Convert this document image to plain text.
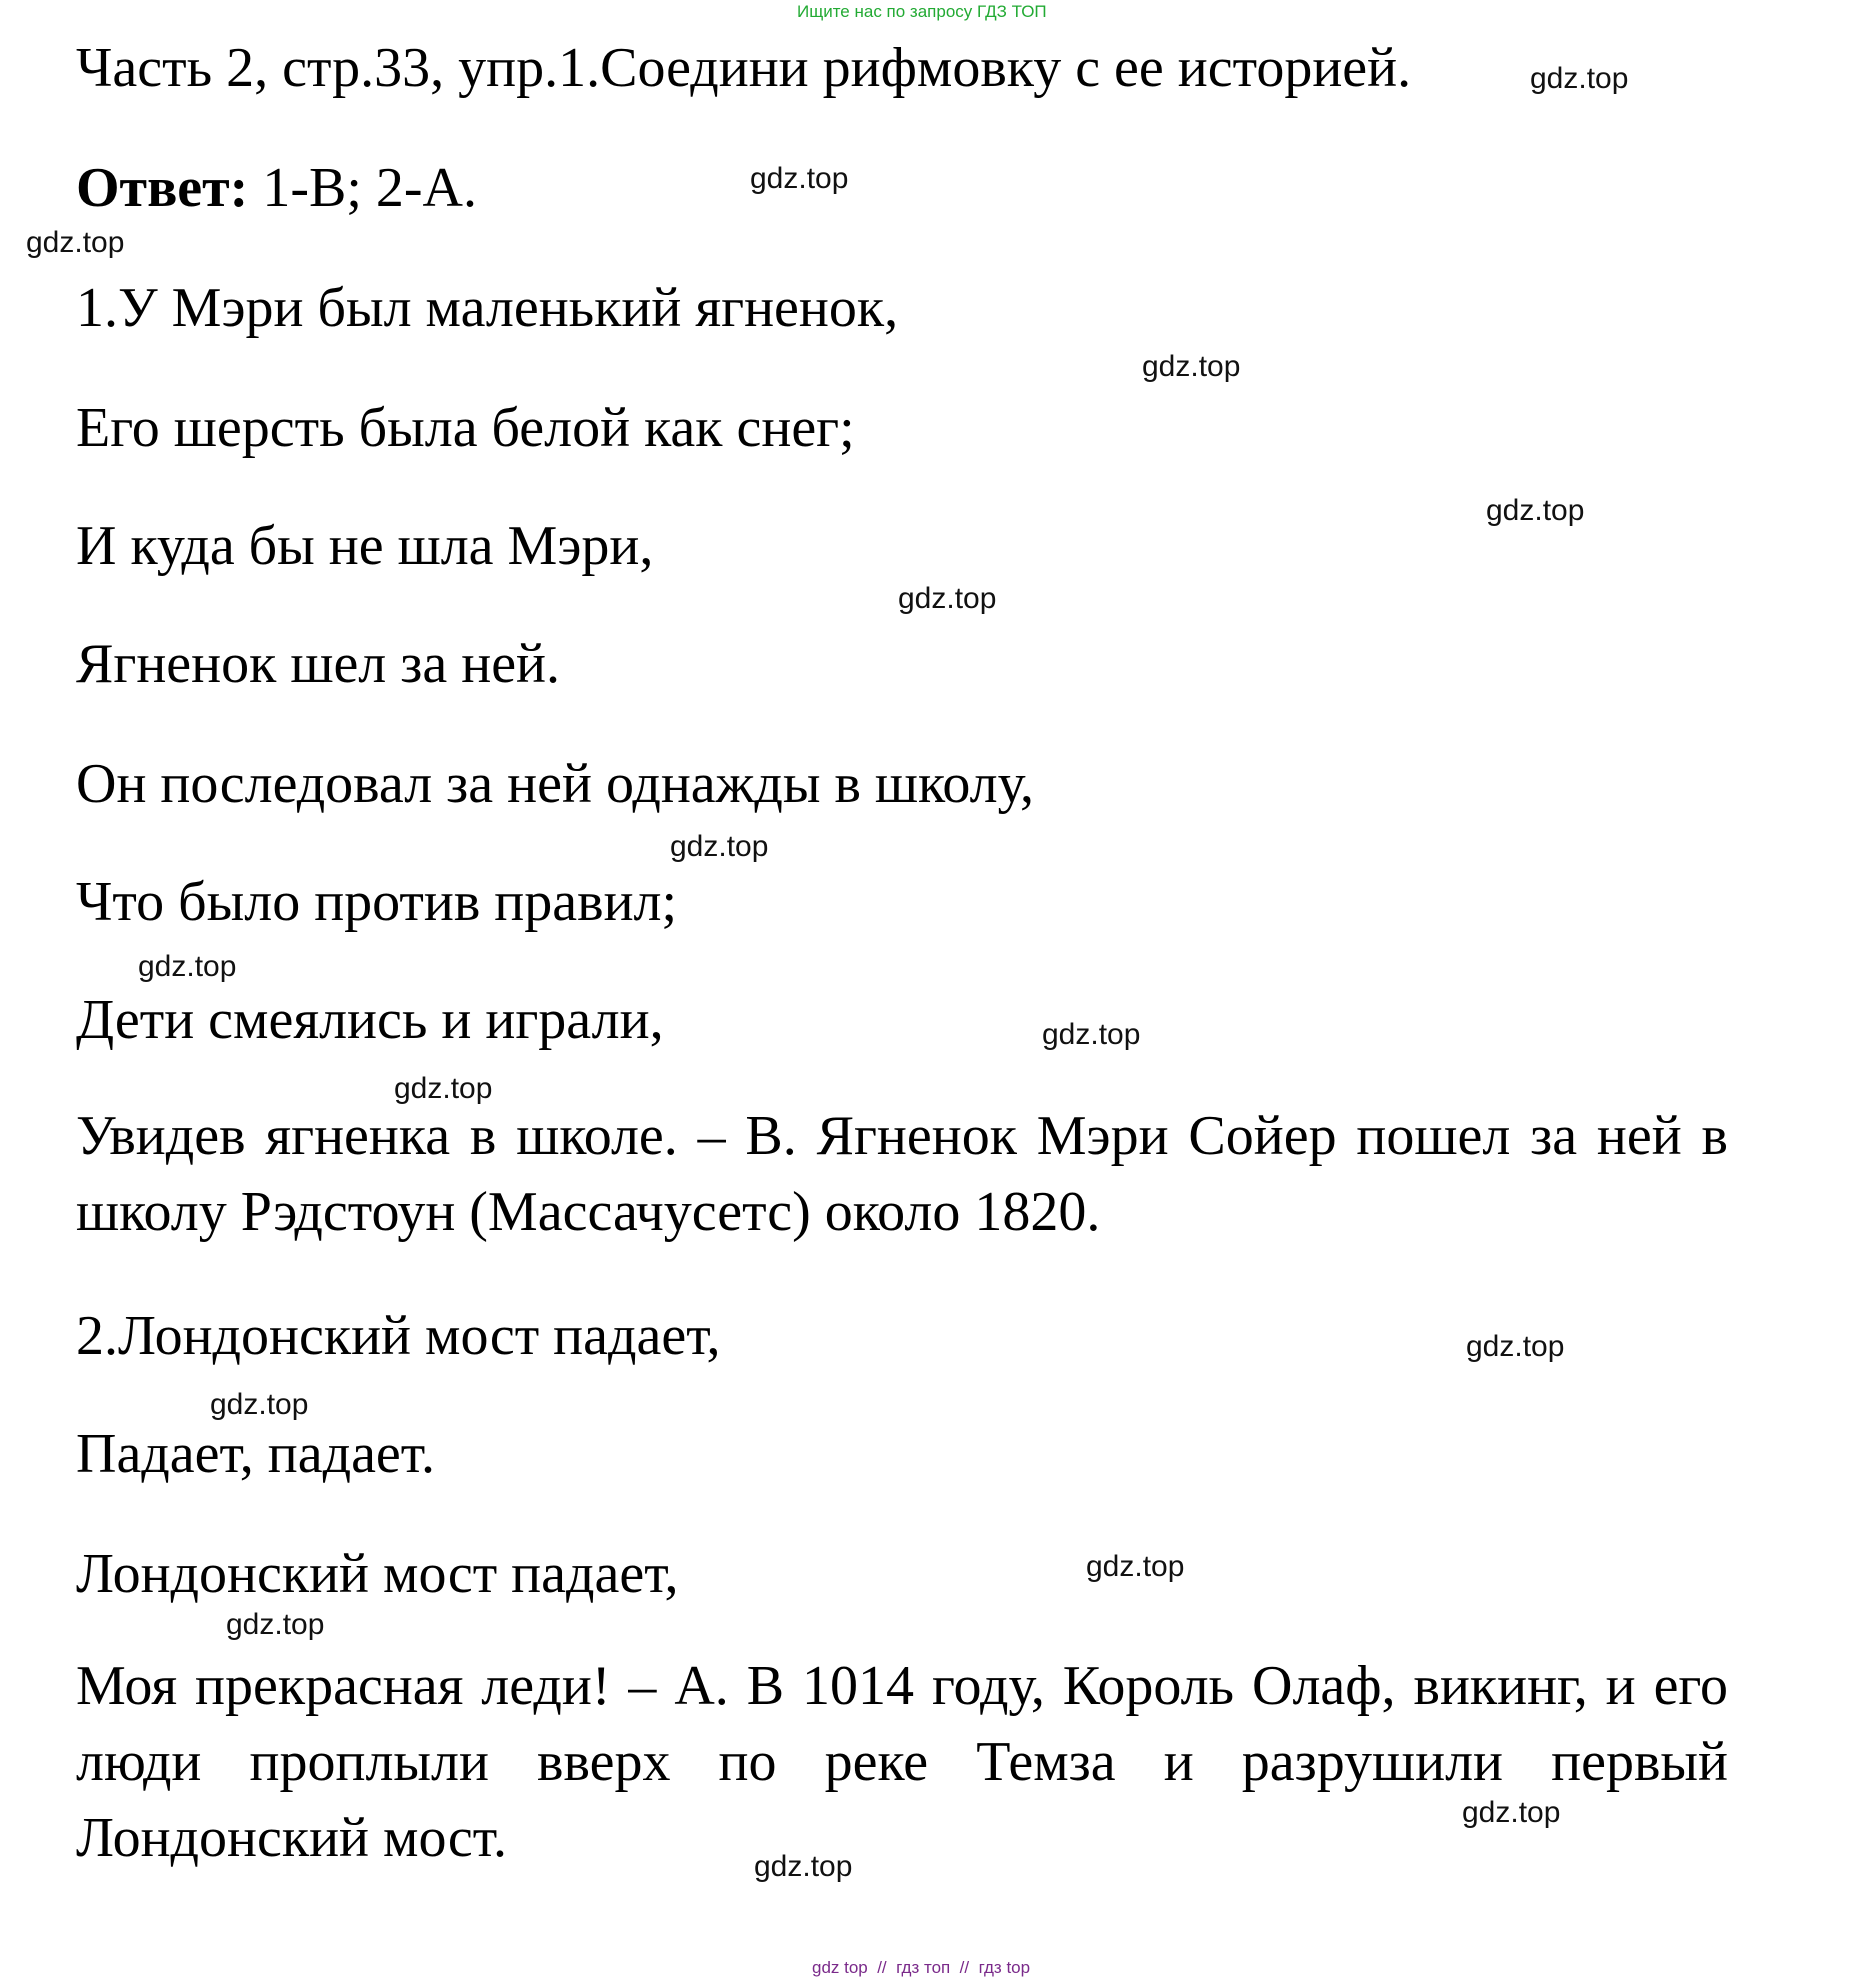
Ищите нас по запросу ГДЗ ТОП
Часть 2, стр.33, упр.1.Соедини рифмовку с ее историей.
Ответ: 1-В; 2-А.
1.У Мэри был маленький ягненок,
Его шерсть была белой как снег;
И куда бы не шла Мэри,
Ягненок шел за ней.
Он последовал за ней однажды в школу,
Что было против правил;
Дети смеялись и играли,
Увидев ягненка в школе. – В. Ягненок Мэри Сойер пошел за ней в школу Рэдстоун (Массачусетс) около 1820.
2.Лондонский мост падает,
Падает, падает.
Лондонский мост падает,
Моя прекрасная леди! – А. В 1014 году, Король Олаф, викинг, и его люди проплыли вверх по реке Темза и разрушили первый Лондонский мост.
gdz.top
gdz.top
gdz.top
gdz.top
gdz.top
gdz.top
gdz.top
gdz.top
gdz.top
gdz.top
gdz.top
gdz.top
gdz.top
gdz.top
gdz.top
gdz.top
gdz top  //  гдз топ  //  гдз top
